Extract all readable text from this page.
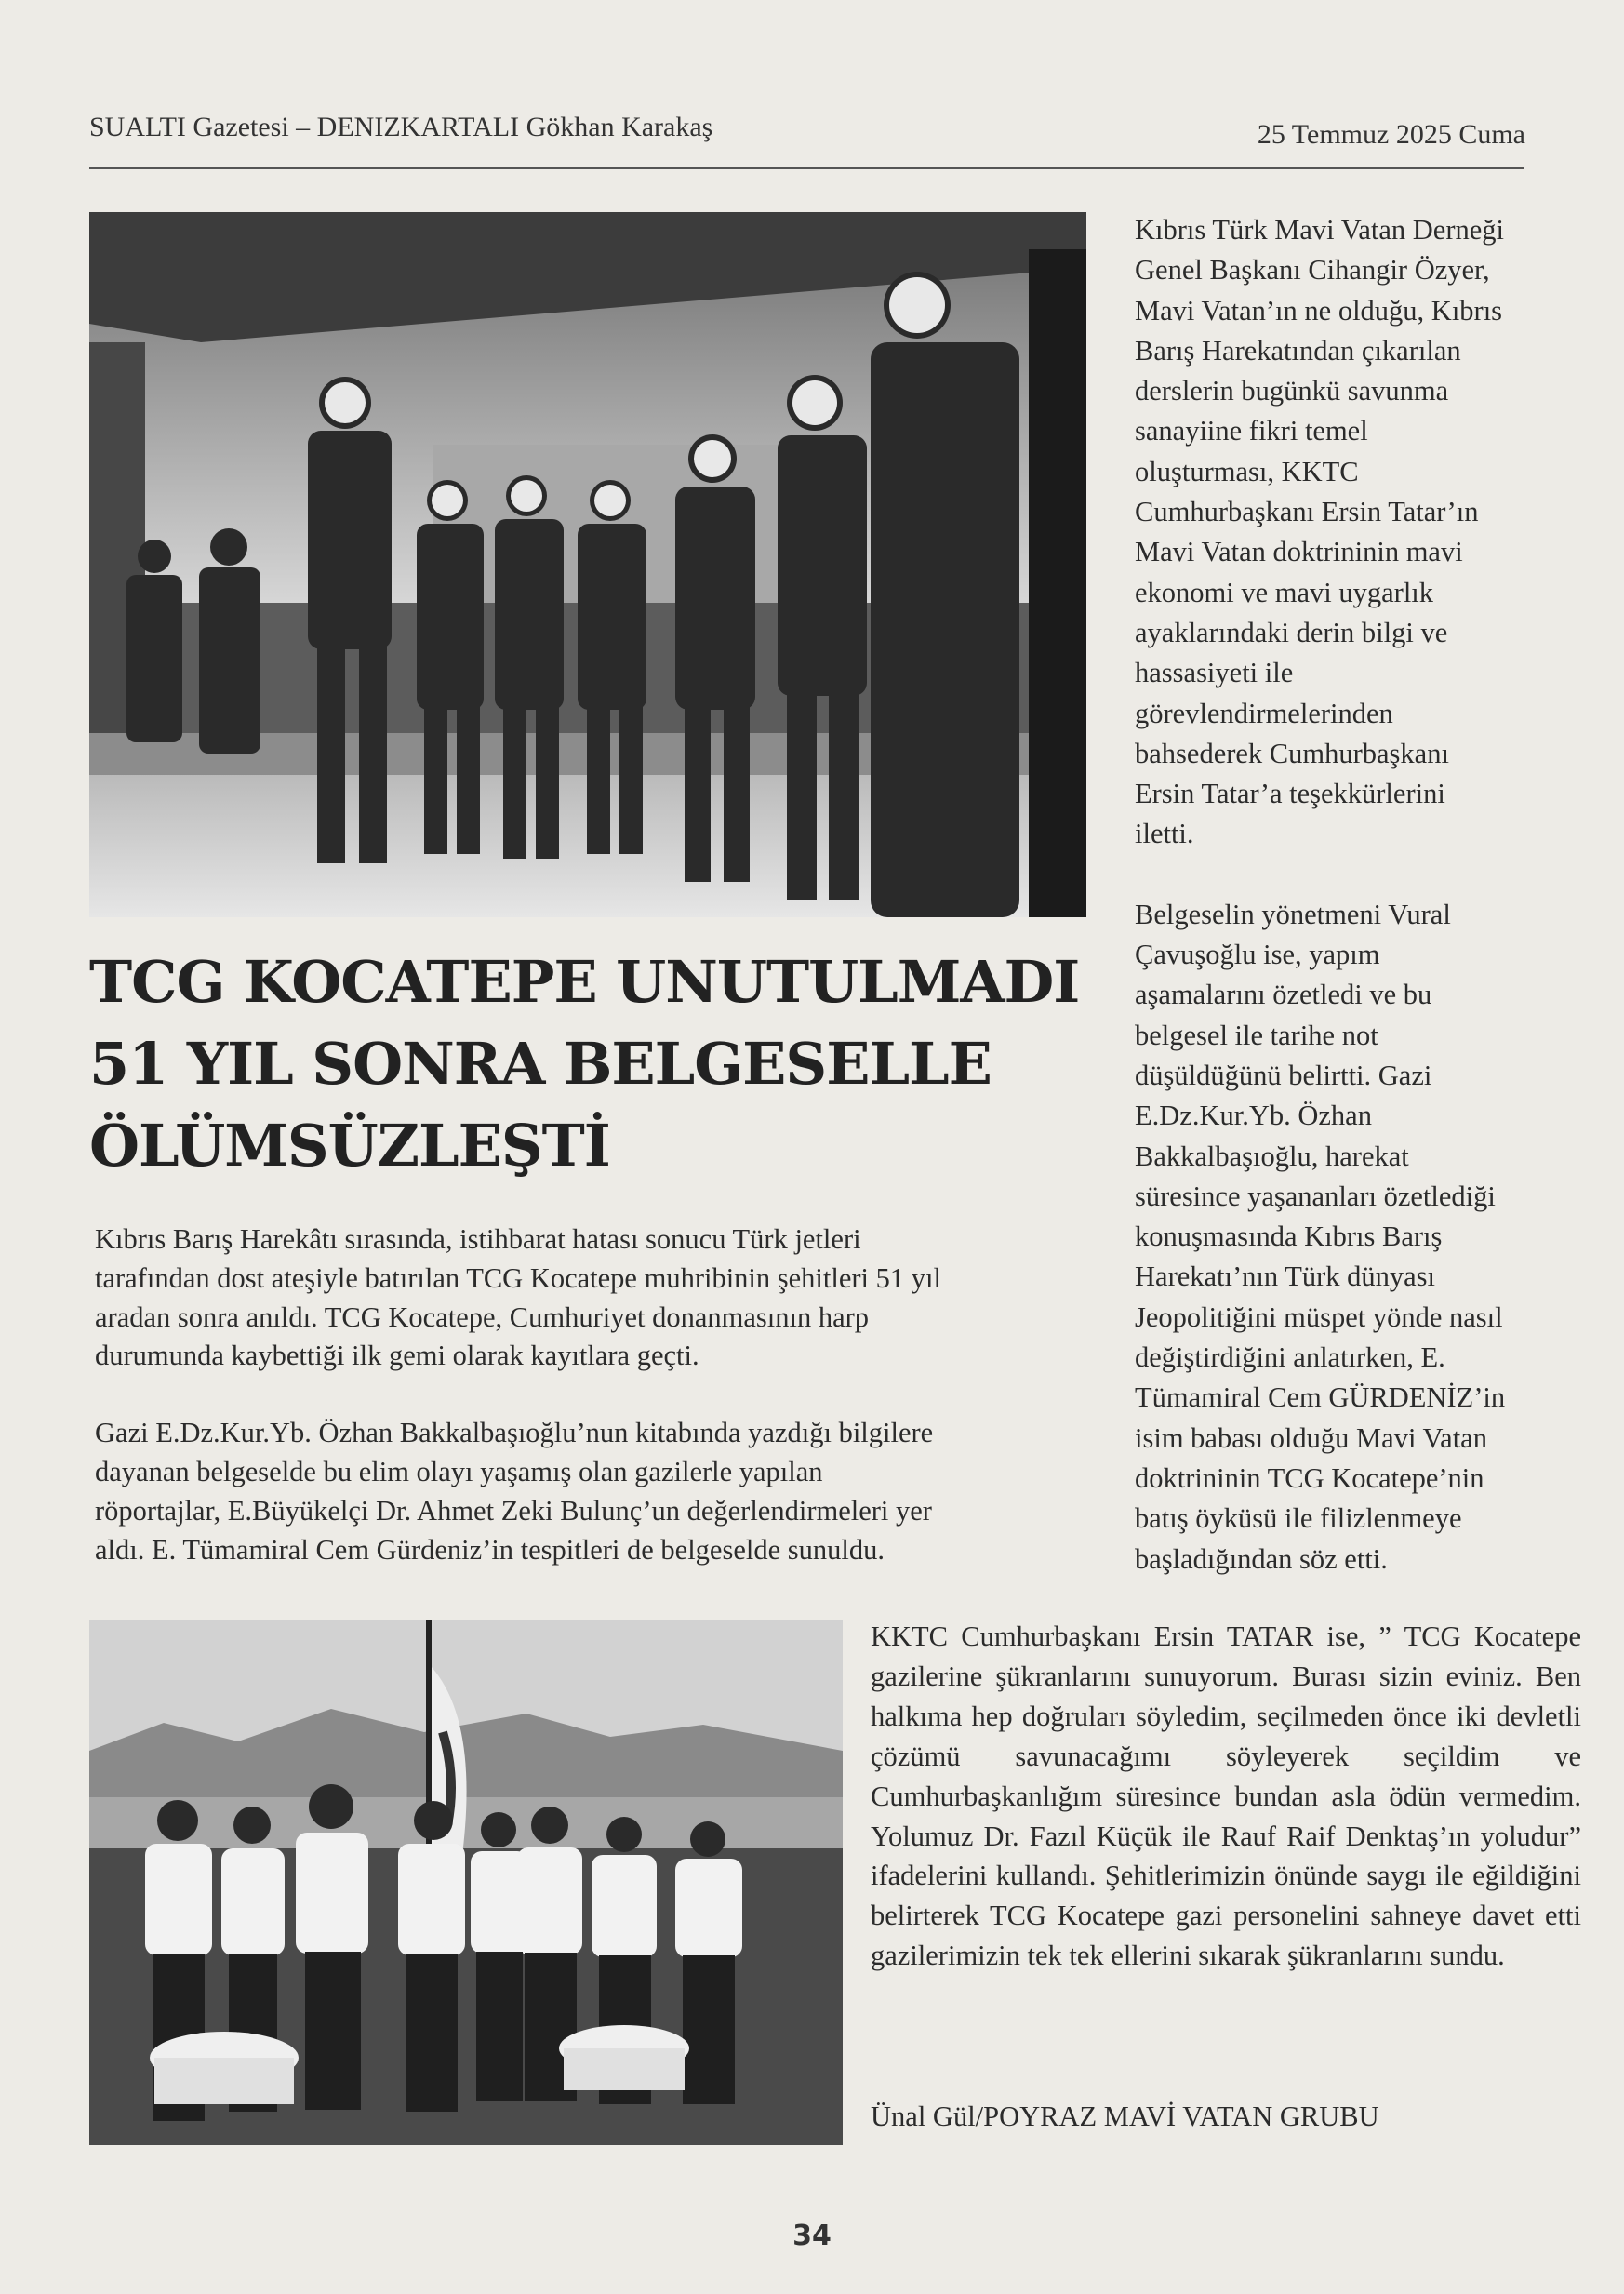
SUALTI Gazetesi – DENIZKARTALI Gökhan Karakaş	25 Temmuz 2025 Cuma
Kıbrıs Türk Mavi Vatan Derneği
Genel Başkanı Cihangir Özyer,
Mavi Vatan’ın ne olduğu, Kıbrıs
Barış Harekatından çıkarılan
derslerin bugünkü savunma
sanayiine fikri temel
oluşturması, KKTC
Cumhurbaşkanı Ersin Tatar’ın
Mavi Vatan doktrininin mavi
ekonomi ve mavi uygarlık
ayaklarındaki derin bilgi ve
hassasiyeti ile
görevlendirmelerinden
bahsederek Cumhurbaşkanı
Ersin Tatar’a teşekkürlerini
iletti.
Belgeselin yönetmeni Vural
Çavuşoğlu ise, yapım
aşamalarını özetledi ve bu
belgesel ile tarihe not
düşüldüğünü belirtti. Gazi
E.Dz.Kur.Yb. Özhan
Bakkalbaşıoğlu, harekat
süresince yaşananları özetlediği
konuşmasında Kıbrıs Barış
Harekatı’nın Türk dünyası
Jeopolitiğini müspet yönde nasıl
değiştirdiğini anlatırken, E.
Tümamiral Cem GÜRDENİZ’in
isim babası olduğu Mavi Vatan
doktrininin TCG Kocatepe’nin
batış öyküsü ile filizlenmeye
başladığından söz etti.
TCG KOCATEPE UNUTULMADI
51 YIL SONRA BELGESELLE
ÖLÜMSÜZLEŞTİ
Kıbrıs Barış Harekâtı sırasında, istihbarat hatası sonucu Türk jetleri
tarafından dost ateşiyle batırılan TCG Kocatepe muhribinin şehitleri 51 yıl
aradan sonra anıldı. TCG Kocatepe, Cumhuriyet donanmasının harp
durumunda kaybettiği ilk gemi olarak kayıtlara geçti.
Gazi E.Dz.Kur.Yb. Özhan Bakkalbaşıoğlu’nun kitabında yazdığı bilgilere
dayanan belgeselde bu elim olayı yaşamış olan gazilerle yapılan
röportajlar, E.Büyükelçi Dr. Ahmet Zeki Bulunç’un değerlendirmeleri yer
aldı. E. Tümamiral Cem Gürdeniz’in tespitleri de belgeselde sunuldu.
KKTC Cumhurbaşkanı Ersin TATAR ise, ” TCG Kocatepe gazilerine şükranlarını sunuyorum. Burası sizin eviniz. Ben halkıma hep doğruları söyledim, seçilmeden önce iki devletli çözümü savunacağımı söyleyerek seçildim ve Cumhurbaşkanlığım süresince bundan asla ödün vermedim. Yolumuz Dr. Fazıl Küçük ile Rauf Raif Denktaş’ın yoludur” ifadelerini kullandı. Şehitlerimizin önünde saygı ile eğildiğini belirterek TCG Kocatepe gazi personelini sahneye davet etti gazilerimizin tek tek ellerini sıkarak şükranlarını sundu.
Ünal Gül/POYRAZ MAVİ VATAN GRUBU
34
